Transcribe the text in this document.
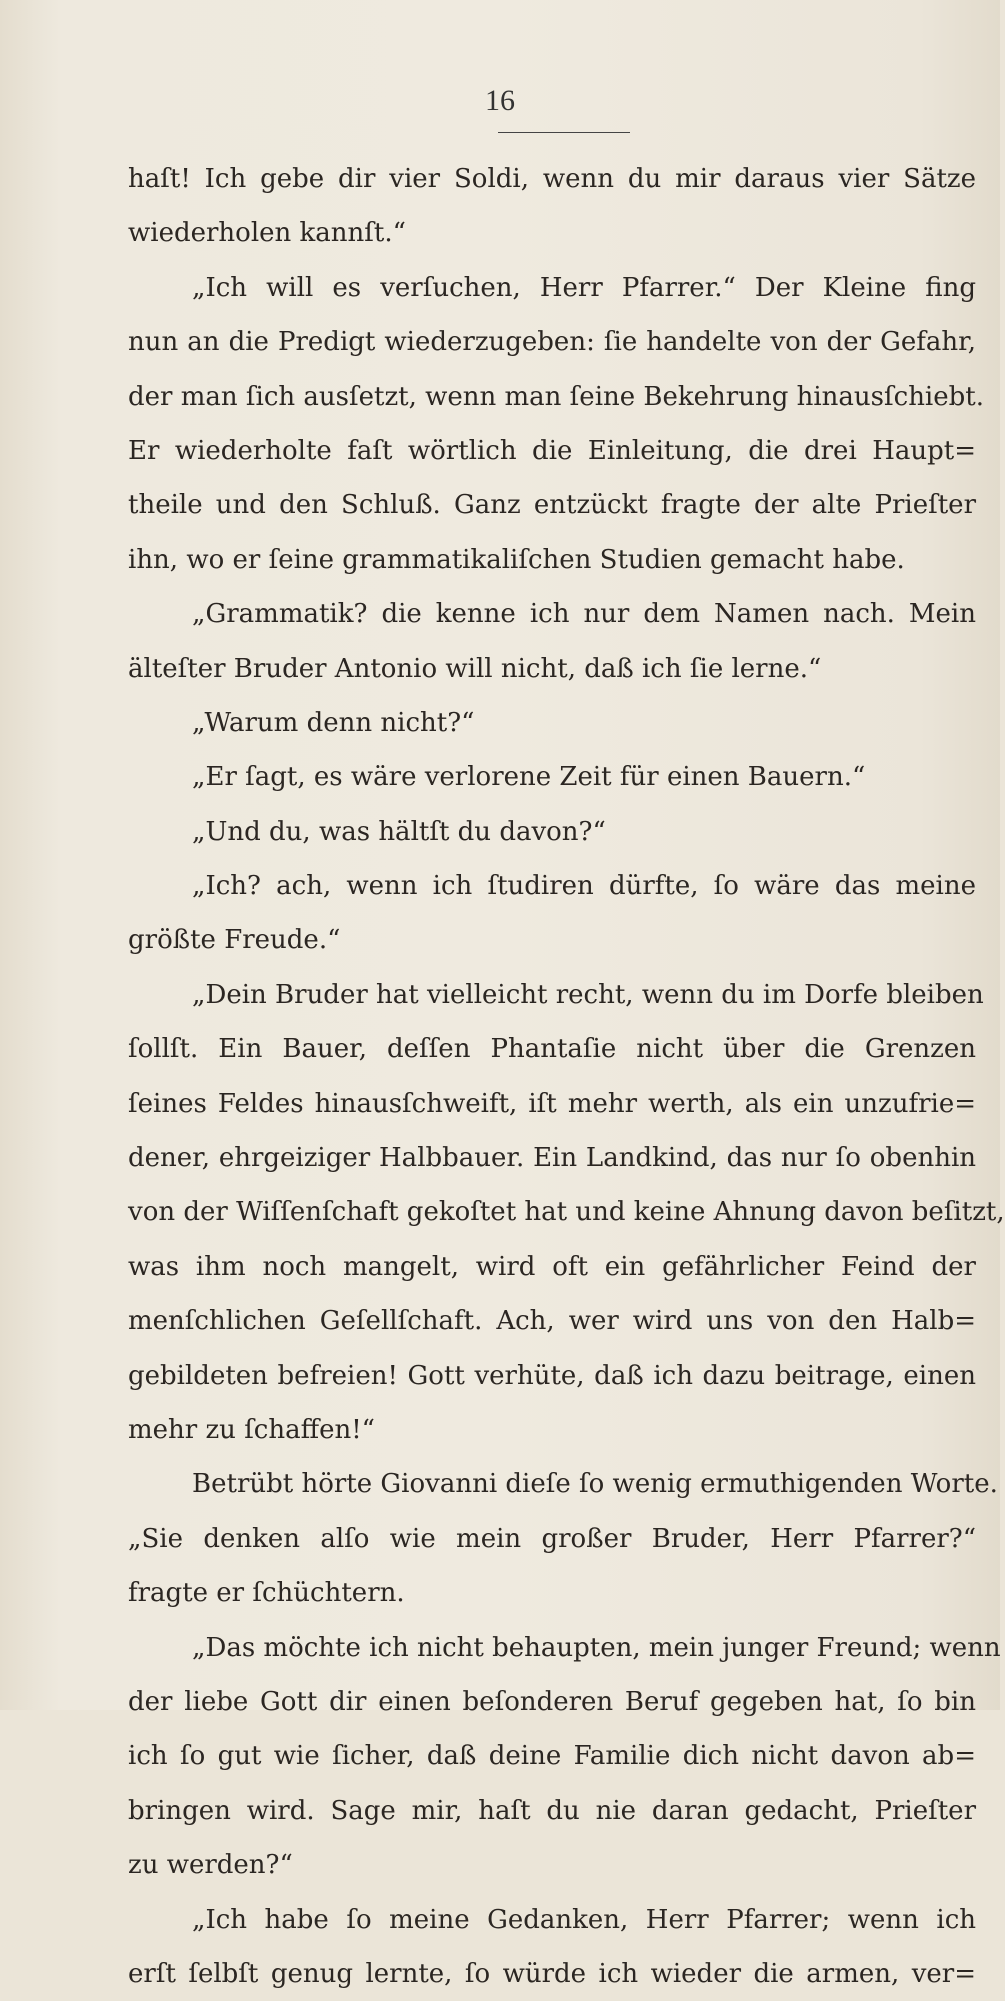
16
haſt! Ich gebe dir vier Soldi, wenn du mir daraus vier Sätze
wiederholen kannſt.“
„Ich will es verſuchen, Herr Pfarrer.“ Der Kleine fing
nun an die Predigt wiederzugeben: ſie handelte von der Gefahr,
der man ſich ausſetzt, wenn man ſeine Bekehrung hinausſchiebt.
Er wiederholte faſt wörtlich die Einleitung, die drei Haupt=
theile und den Schluß. Ganz entzückt fragte der alte Prieſter
ihn, wo er ſeine grammatikaliſchen Studien gemacht habe.
„Grammatik? die kenne ich nur dem Namen nach. Mein
älteſter Bruder Antonio will nicht, daß ich ſie lerne.“
„Warum denn nicht?“
„Er ſagt, es wäre verlorene Zeit für einen Bauern.“
„Und du, was hältſt du davon?“
„Ich? ach, wenn ich ſtudiren dürfte, ſo wäre das meine
größte Freude.“
„Dein Bruder hat vielleicht recht, wenn du im Dorfe bleiben
ſollſt. Ein Bauer, deſſen Phantaſie nicht über die Grenzen
ſeines Feldes hinausſchweift, iſt mehr werth, als ein unzufrie=
dener, ehrgeiziger Halbbauer. Ein Landkind, das nur ſo obenhin
von der Wiſſenſchaft gekoſtet hat und keine Ahnung davon beſitzt,
was ihm noch mangelt, wird oft ein gefährlicher Feind der
menſchlichen Geſellſchaft. Ach, wer wird uns von den Halb=
gebildeten befreien! Gott verhüte, daß ich dazu beitrage, einen
mehr zu ſchaffen!“
Betrübt hörte Giovanni dieſe ſo wenig ermuthigenden Worte.
„Sie denken alſo wie mein großer Bruder, Herr Pfarrer?“
fragte er ſchüchtern.
„Das möchte ich nicht behaupten, mein junger Freund; wenn
der liebe Gott dir einen beſonderen Beruf gegeben hat, ſo bin
ich ſo gut wie ſicher, daß deine Familie dich nicht davon ab=
bringen wird. Sage mir, haſt du nie daran gedacht, Prieſter
zu werden?“
„Ich habe ſo meine Gedanken, Herr Pfarrer; wenn ich
erſt ſelbſt genug lernte, ſo würde ich wieder die armen, ver=
